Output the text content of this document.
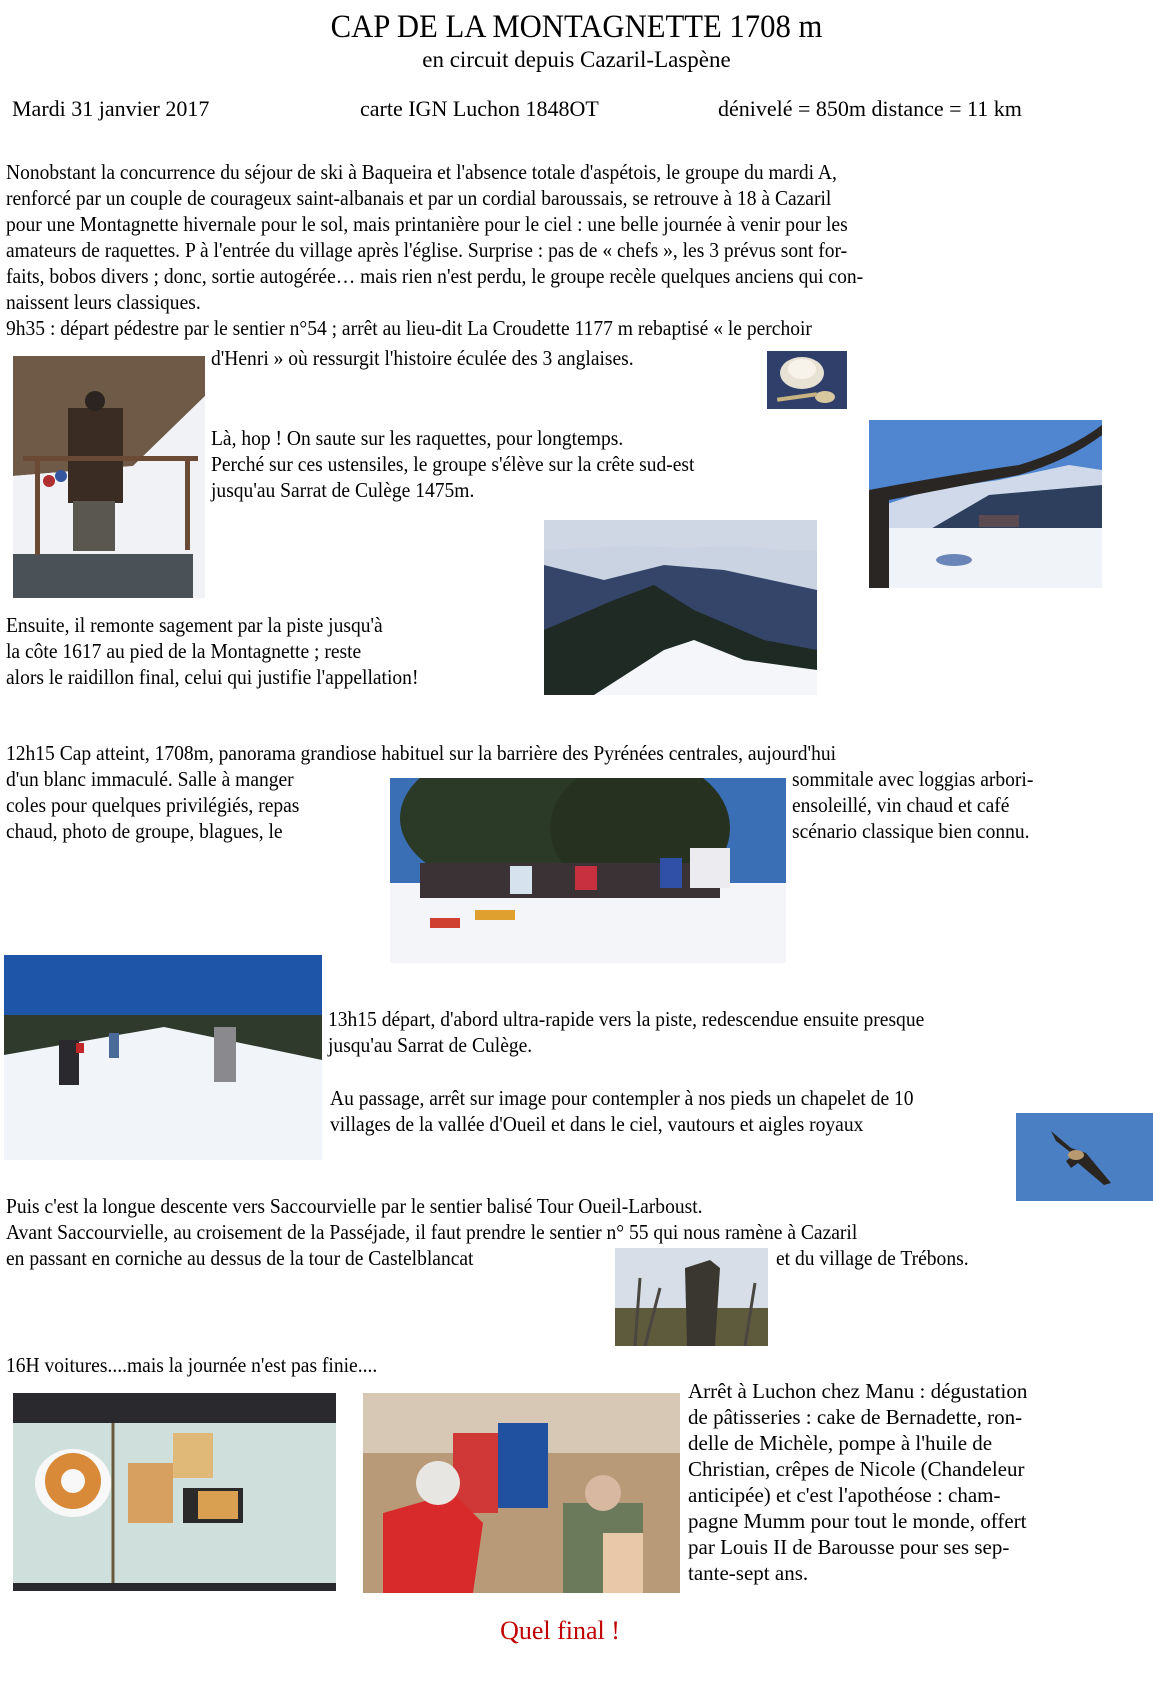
CAP DE LA MONTAGNETTE 1708 m
en circuit depuis Cazaril-Laspène
Mardi 31 janvier 2017	carte IGN Luchon 1848OT	dénivelé = 850m distance = 11 km
Nonobstant la concurrence du séjour de ski à Baqueira et l'absence totale d'aspétois, le groupe du mardi A,
renforcé par un couple de courageux saint-albanais et par un cordial baroussais, se retrouve à 18 à Cazaril
pour une Montagnette hivernale pour le sol, mais printanière pour le ciel : une belle journée à venir pour les
amateurs de raquettes. P à l'entrée du village après l'église. Surprise : pas de « chefs », les 3 prévus sont for-
faits, bobos divers ; donc, sortie autogérée… mais rien n'est perdu, le groupe recèle quelques anciens qui con-
naissent leurs classiques.
9h35 : départ pédestre par le sentier n°54 ; arrêt au lieu-dit La Croudette 1177 m rebaptisé « le perchoir
d'Henri » où ressurgit l'histoire éculée des 3 anglaises.
Là, hop ! On saute sur les raquettes, pour longtemps.
Perché sur ces ustensiles, le groupe s'élève sur la crête sud-est
jusqu'au Sarrat de Culège 1475m.
Ensuite, il remonte sagement par la piste jusqu'à
la côte 1617 au pied de la Montagnette ; reste
alors le raidillon final, celui qui justifie l'appellation!
12h15 Cap atteint, 1708m, panorama grandiose habituel sur la barrière des Pyrénées centrales, aujourd'hui
d'un blanc immaculé. Salle à manger
coles pour quelques privilégiés, repas
chaud, photo de groupe, blagues, le
sommitale avec loggias arbori-
ensoleillé, vin chaud et café
scénario classique bien connu.
13h15 départ, d'abord ultra-rapide vers la piste, redescendue ensuite presque
jusqu'au Sarrat de Culège.
Au passage, arrêt sur image pour contempler à nos pieds un chapelet de 10
villages de la vallée d'Oueil et dans le ciel, vautours et aigles royaux
Puis c'est la longue descente vers Saccourvielle par le sentier balisé Tour Oueil-Larboust.
Avant Saccourvielle, au croisement de la Passéjade, il faut prendre le sentier n° 55 qui nous ramène à Cazaril
en passant en corniche au dessus de la tour de Castelblancat	et du village de Trébons.
16H voitures....mais la journée n'est pas finie....
Arrêt à Luchon chez Manu : dégustation
de pâtisseries : cake de Bernadette, ron-
delle de Michèle, pompe à l'huile de
Christian, crêpes de Nicole (Chandeleur
anticipée) et c'est l'apothéose : cham-
pagne Mumm pour tout le monde, offert
par Louis II de Barousse pour ses sep-
tante-sept ans.
Quel final !
